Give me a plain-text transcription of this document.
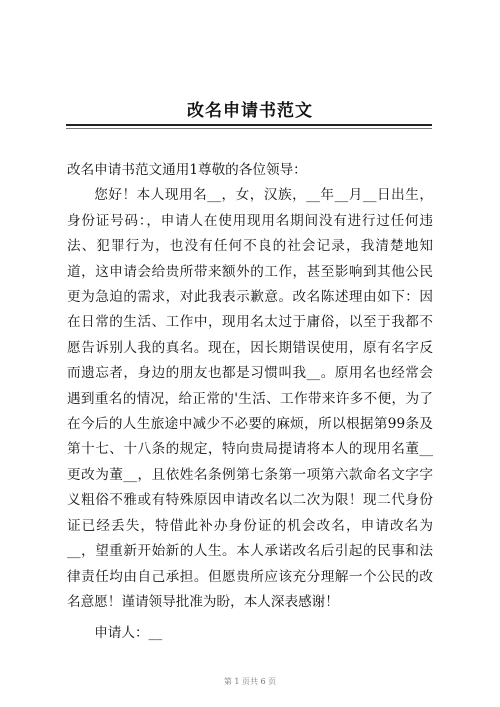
改名申请书范文

改名申请书范文通用1尊敬的各位领导：

您好！本人现用名__，女，汉族，__年__月__日出生，身份证号码：，申请人在使用现用名期间没有进行过任何违法、犯罪行为，也没有任何不良的社会记录，我清楚地知道，这申请会给贵所带来额外的工作，甚至影响到其他公民更为急迫的需求，对此我表示歉意。改名陈述理由如下：因在日常的生活、工作中，现用名太过于庸俗，以至于我都不愿告诉别人我的真名。现在，因长期错误使用，原有名字反而遗忘者，身边的朋友也都是习惯叫我__。原用名也经常会遇到重名的情况，给正常的'生活、工作带来许多不便，为了在今后的人生旅途中减少不必要的麻烦，所以根据第99条及第十七、十八条的规定，特向贵局提请将本人的现用名董__更改为董__，且依姓名条例第七条第一项第六款命名文字字义粗俗不雅或有特殊原因申请改名以二次为限！现二代身份证已经丢失，特借此补办身份证的机会改名，申请改名为__，望重新开始新的人生。本人承诺改名后引起的民事和法律责任均由自己承担。但愿贵所应该充分理解一个公民的改名意愿！谨请领导批准为盼，本人深表感谢！

申请人：__

第 1 页共 6 页
